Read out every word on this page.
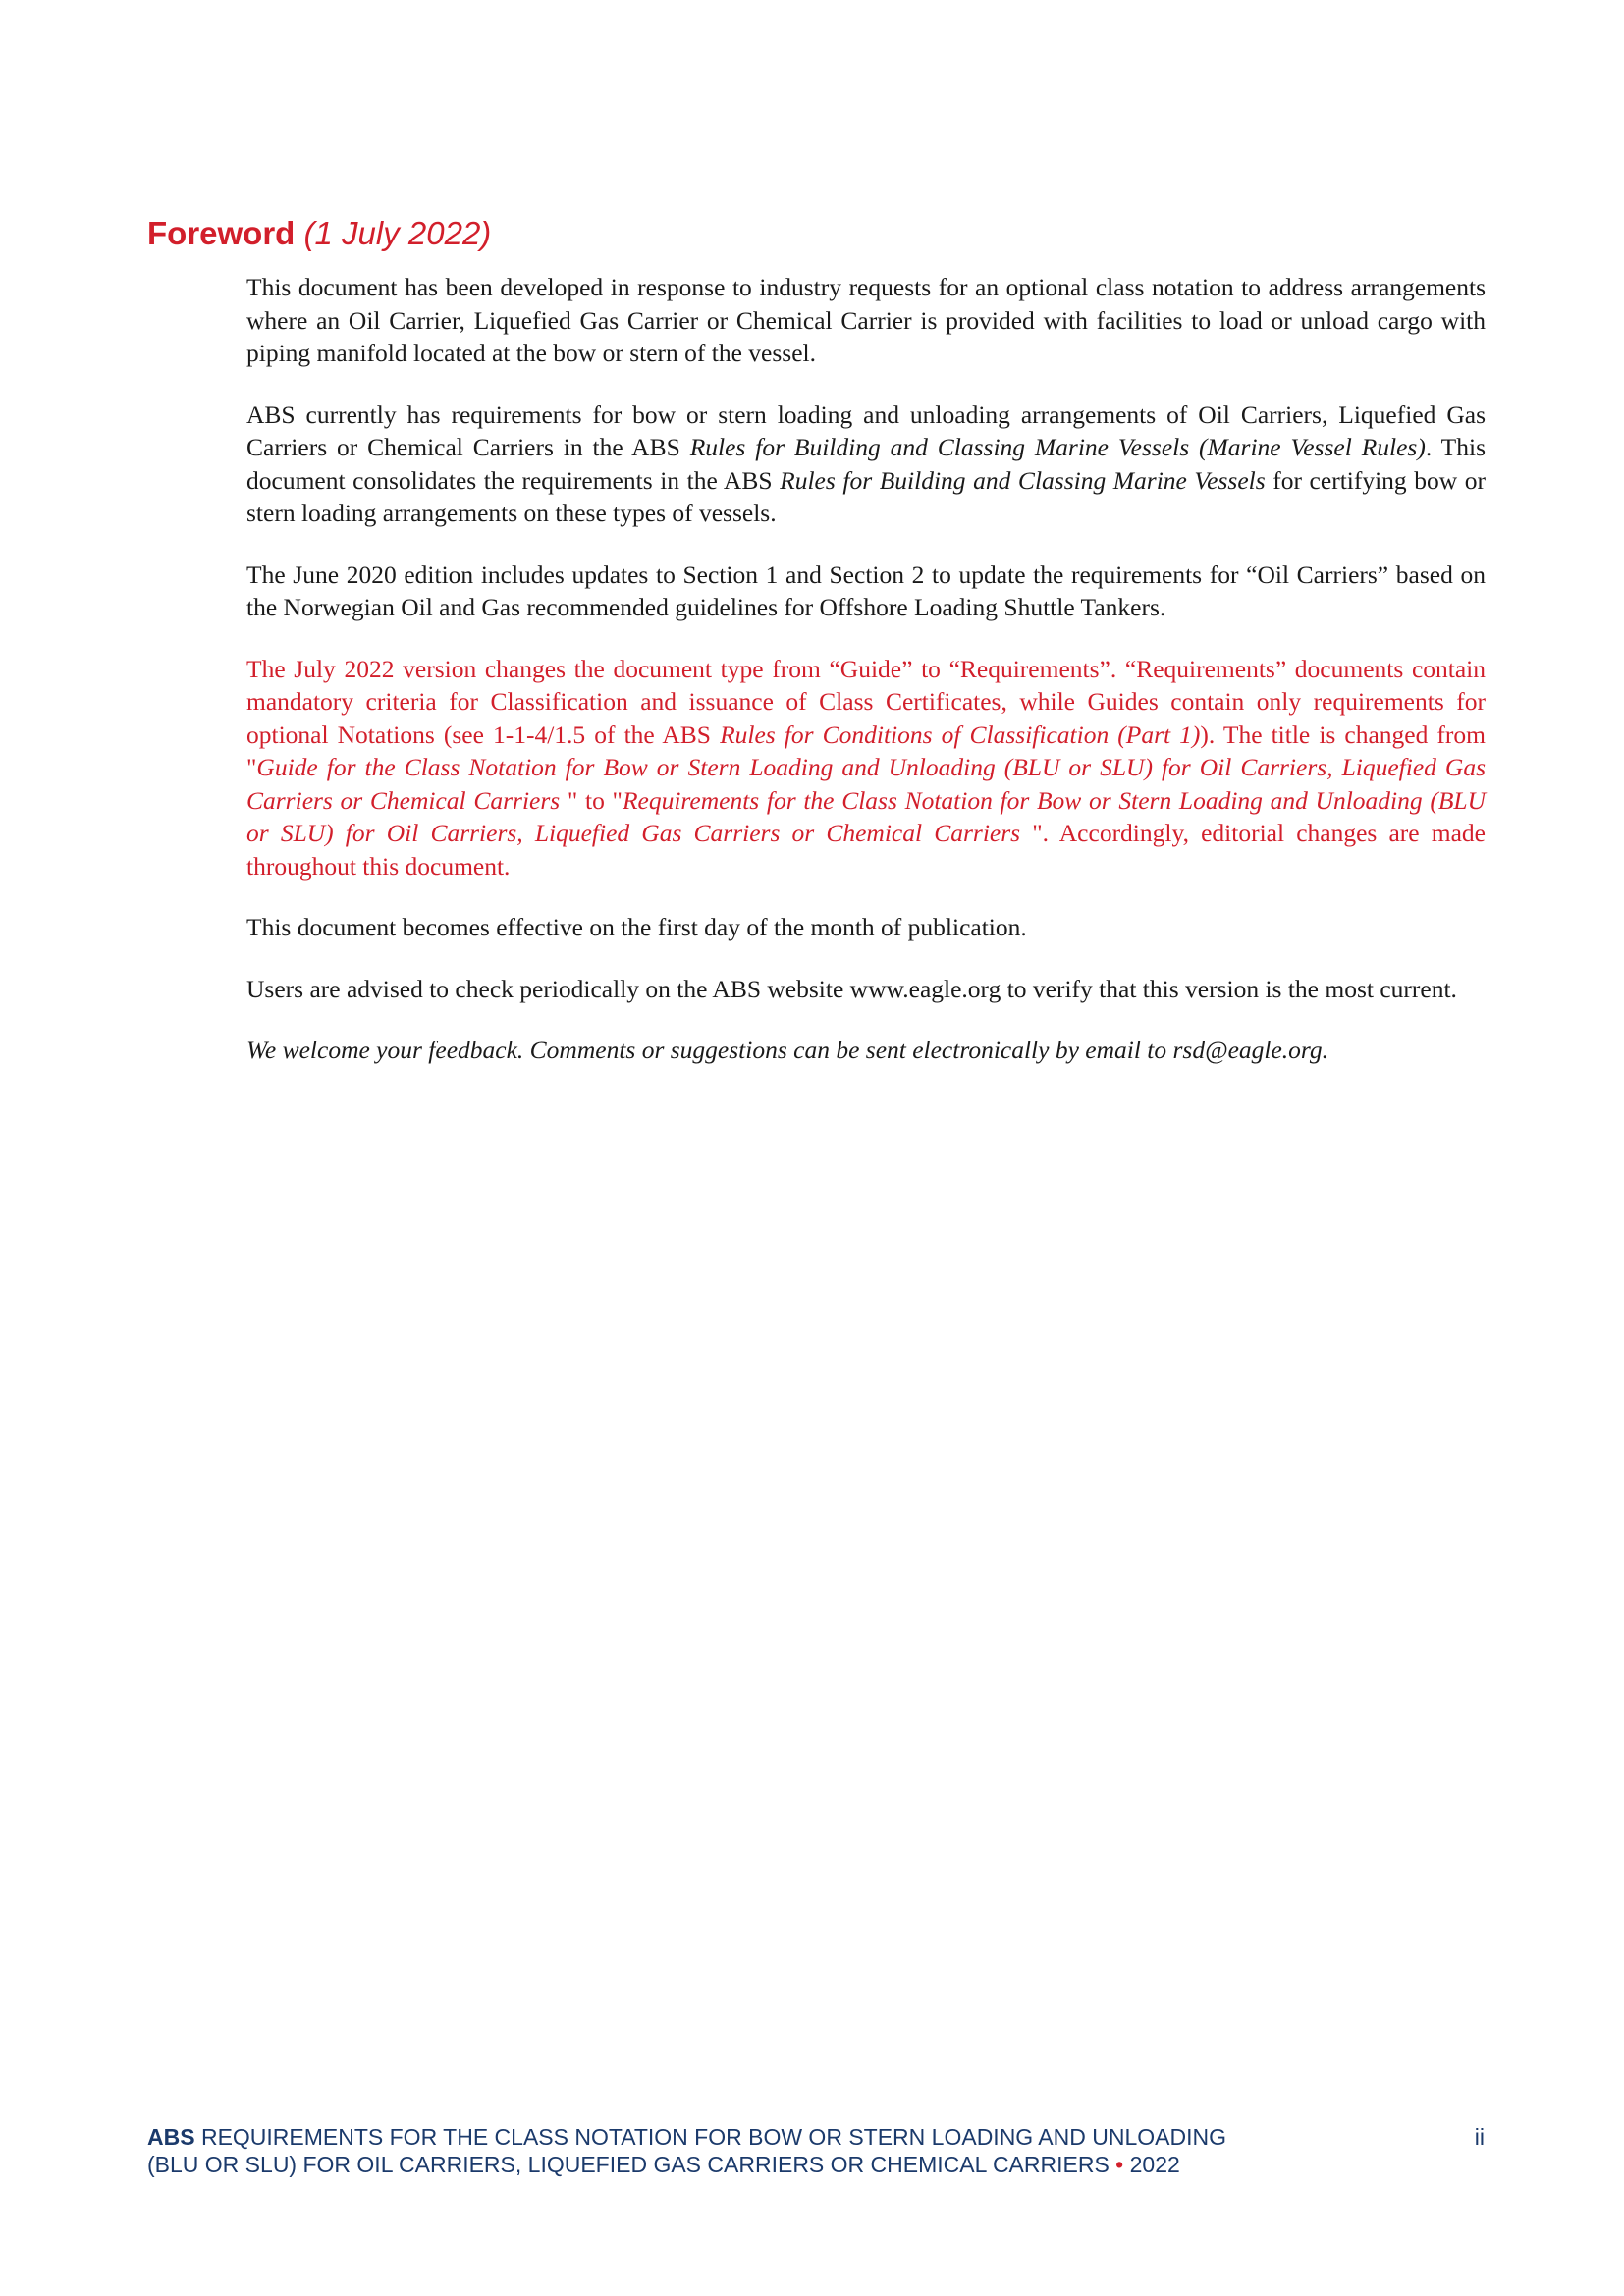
Foreword (1 July 2022)

This document has been developed in response to industry requests for an optional class notation to address arrangements where an Oil Carrier, Liquefied Gas Carrier or Chemical Carrier is provided with facilities to load or unload cargo with piping manifold located at the bow or stern of the vessel.

ABS currently has requirements for bow or stern loading and unloading arrangements of Oil Carriers, Liquefied Gas Carriers or Chemical Carriers in the ABS Rules for Building and Classing Marine Vessels (Marine Vessel Rules). This document consolidates the requirements in the ABS Rules for Building and Classing Marine Vessels for certifying bow or stern loading arrangements on these types of vessels.

The June 2020 edition includes updates to Section 1 and Section 2 to update the requirements for “Oil Carriers” based on the Norwegian Oil and Gas recommended guidelines for Offshore Loading Shuttle Tankers.

The July 2022 version changes the document type from “Guide” to “Requirements”. “Requirements” documents contain mandatory criteria for Classification and issuance of Class Certificates, while Guides contain only requirements for optional Notations (see 1-1-4/1.5 of the ABS Rules for Conditions of Classification (Part 1)). The title is changed from "Guide for the Class Notation for Bow or Stern Loading and Unloading (BLU or SLU) for Oil Carriers, Liquefied Gas Carriers or Chemical Carriers " to "Requirements for the Class Notation for Bow or Stern Loading and Unloading (BLU or SLU) for Oil Carriers, Liquefied Gas Carriers or Chemical Carriers ". Accordingly, editorial changes are made throughout this document.

This document becomes effective on the first day of the month of publication.

Users are advised to check periodically on the ABS website www.eagle.org to verify that this version is the most current.

We welcome your feedback. Comments or suggestions can be sent electronically by email to rsd@eagle.org.

ABS REQUIREMENTS FOR THE CLASS NOTATION FOR BOW OR STERN LOADING AND UNLOADING
(BLU OR SLU) FOR OIL CARRIERS, LIQUEFIED GAS CARRIERS OR CHEMICAL CARRIERS • 2022
ii
